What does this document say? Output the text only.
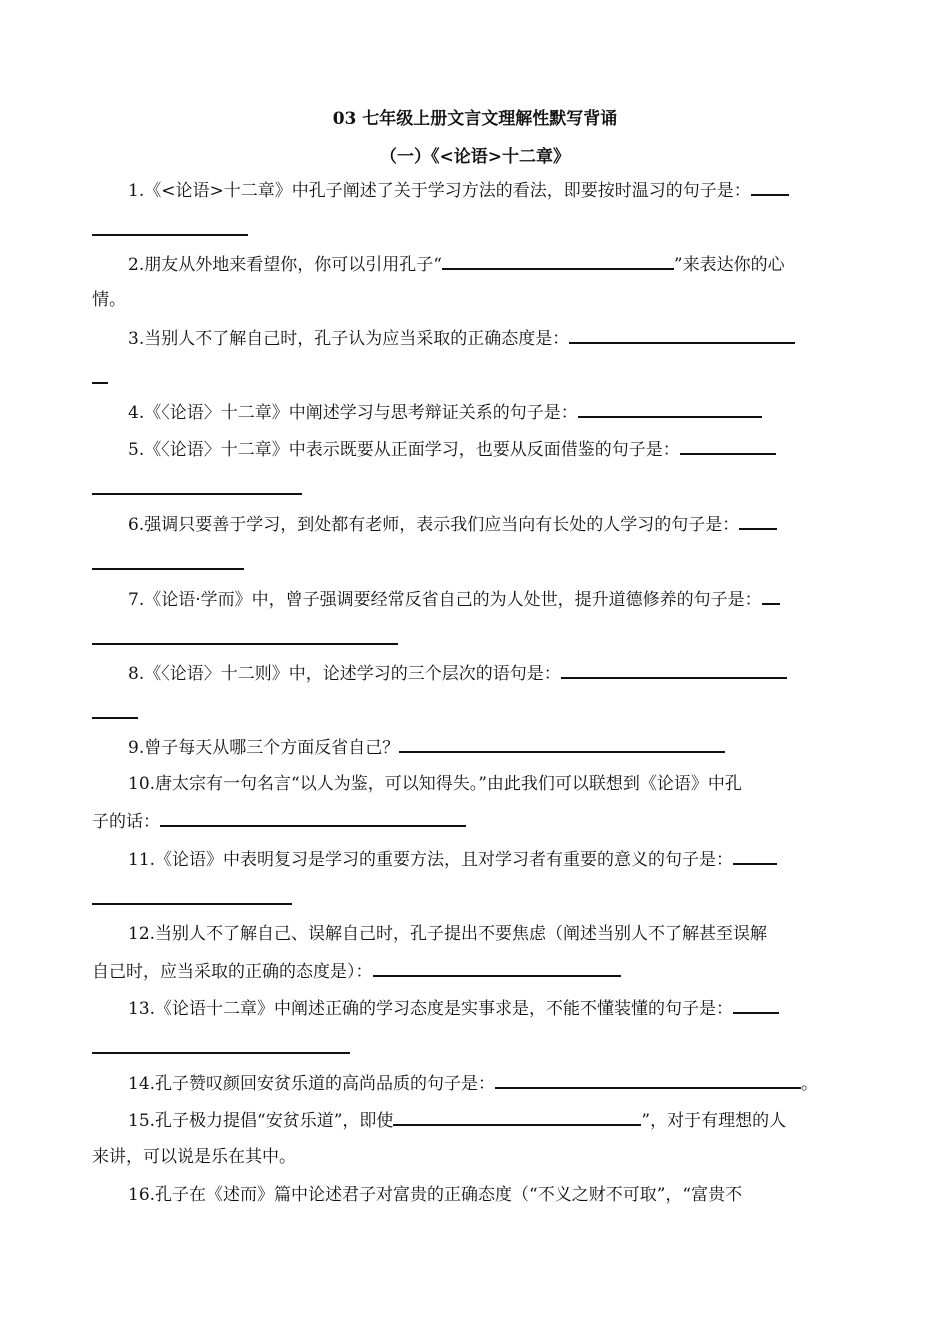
03 七年级上册文言文理解性默写背诵
（一）《<论语>十二章》
1.《<论语>十二章》中孔子阐述了关于学习方法的看法，即要按时温习的句子是：
2.朋友从外地来看望你，你可以引用孔子“	”来表达你的心
情。
3.当别人不了解自己时，孔子认为应当采取的正确态度是：
4.《〈论语〉十二章》中阐述学习与思考辩证关系的句子是：
5.《〈论语〉十二章》中表示既要从正面学习，也要从反面借鉴的句子是：
6.强调只要善于学习，到处都有老师，表示我们应当向有长处的人学习的句子是：
7.《论语·学而》中，曾子强调要经常反省自己的为人处世，提升道德修养的句子是：
8.《〈论语〉十二则》中，论述学习的三个层次的语句是：
9.曾子每天从哪三个方面反省自己？
10.唐太宗有一句名言“以人为鉴，可以知得失。”由此我们可以联想到《论语》中孔
子的话：
11.《论语》中表明复习是学习的重要方法，且对学习者有重要的意义的句子是：
12.当别人不了解自己、误解自己时，孔子提出不要焦虑（阐述当别人不了解甚至误解
自己时，应当采取的正确的态度是）：
13.《论语十二章》中阐述正确的学习态度是实事求是，不能不懂装懂的句子是：
14.孔子赞叹颜回安贫乐道的高尚品质的句子是：	。
15.孔子极力提倡“安贫乐道”，即使	”，对于有理想的人
来讲，可以说是乐在其中。
16.孔子在《述而》篇中论述君子对富贵的正确态度（“不义之财不可取”，“富贵不
